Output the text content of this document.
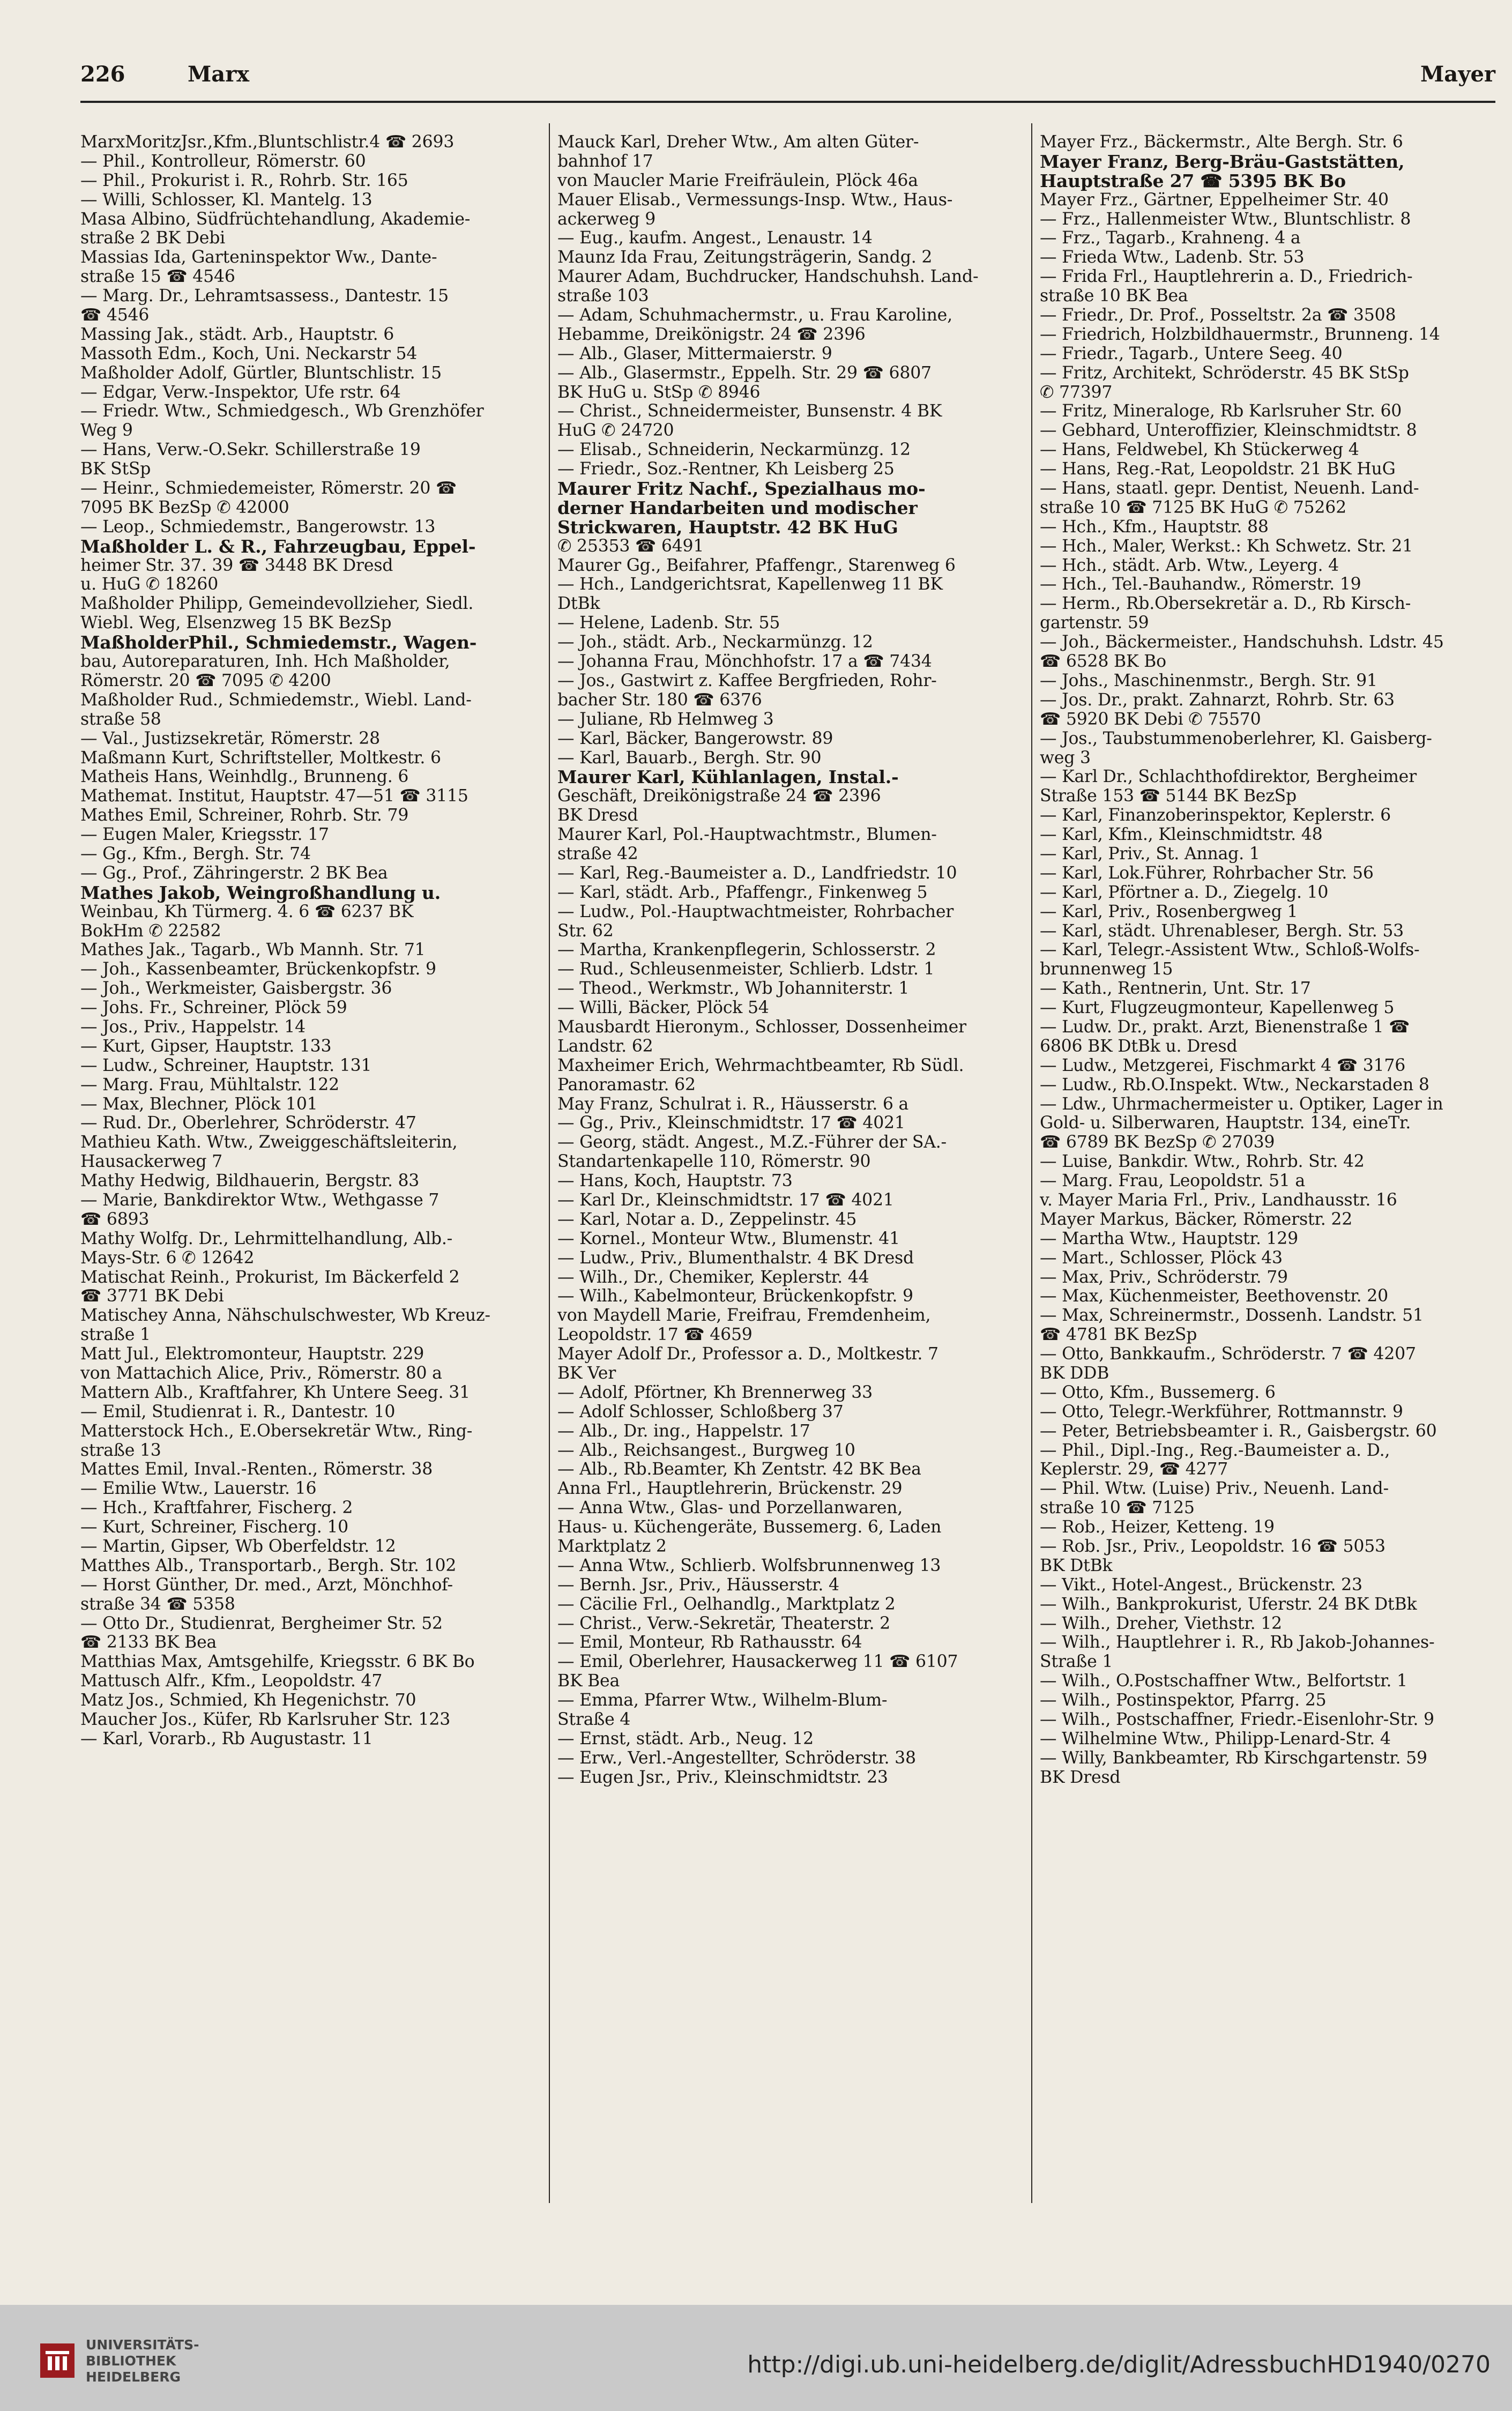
226	Marx	Mayer
MarxMoritzJsr.,Kfm.,Bluntschlistr.4 ☎ 2693
— Phil., Kontrolleur, Römerstr. 60
— Phil., Prokurist i. R., Rohrb. Str. 165
— Willi, Schlosser, Kl. Mantelg. 13
Masa Albino, Südfrüchtehandlung, Akademie-
straße 2 BK Debi
Massias Ida, Garteninspektor Ww., Dante-
straße 15 ☎ 4546
— Marg. Dr., Lehramtsassess., Dantestr. 15
☎ 4546
Massing Jak., städt. Arb., Hauptstr. 6
Massoth Edm., Koch, Uni. Neckarstr 54
Maßholder Adolf, Gürtler, Bluntschlistr. 15
— Edgar, Verw.-Inspektor, Ufe rstr. 64
— Friedr. Wtw., Schmiedgesch., Wb Grenzhöfer
Weg 9
— Hans, Verw.-O.Sekr. Schillerstraße 19
BK StSp
— Heinr., Schmiedemeister, Römerstr. 20 ☎
7095 BK BezSp ✆ 42000
— Leop., Schmiedemstr., Bangerowstr. 13
Maßholder L. & R., Fahrzeugbau, Eppel-
heimer Str. 37. 39 ☎ 3448 BK Dresd
u. HuG ✆ 18260
Maßholder Philipp, Gemeindevollzieher, Siedl.
Wiebl. Weg, Elsenzweg 15 BK BezSp
MaßholderPhil., Schmiedemstr., Wagen-
bau, Autoreparaturen, Inh. Hch Maßholder,
Römerstr. 20 ☎ 7095 ✆ 4200
Maßholder Rud., Schmiedemstr., Wiebl. Land-
straße 58
— Val., Justizsekretär, Römerstr. 28
Maßmann Kurt, Schriftsteller, Moltkestr. 6
Matheis Hans, Weinhdlg., Brunneng. 6
Mathemat. Institut, Hauptstr. 47—51 ☎ 3115
Mathes Emil, Schreiner, Rohrb. Str. 79
— Eugen Maler, Kriegsstr. 17
— Gg., Kfm., Bergh. Str. 74
— Gg., Prof., Zähringerstr. 2 BK Bea
Mathes Jakob, Weingroßhandlung u.
Weinbau, Kh Türmerg. 4. 6 ☎ 6237 BK
BokHm ✆ 22582
Mathes Jak., Tagarb., Wb Mannh. Str. 71
— Joh., Kassenbeamter, Brückenkopfstr. 9
— Joh., Werkmeister, Gaisbergstr. 36
— Johs. Fr., Schreiner, Plöck 59
— Jos., Priv., Happelstr. 14
— Kurt, Gipser, Hauptstr. 133
— Ludw., Schreiner, Hauptstr. 131
— Marg. Frau, Mühltalstr. 122
— Max, Blechner, Plöck 101
— Rud. Dr., Oberlehrer, Schröderstr. 47
Mathieu Kath. Wtw., Zweiggeschäftsleiterin,
Hausackerweg 7
Mathy Hedwig, Bildhauerin, Bergstr. 83
— Marie, Bankdirektor Wtw., Wethgasse 7
☎ 6893
Mathy Wolfg. Dr., Lehrmittelhandlung, Alb.-
Mays-Str. 6 ✆ 12642
Matischat Reinh., Prokurist, Im Bäckerfeld 2
☎ 3771 BK Debi
Matischey Anna, Nähschulschwester, Wb Kreuz-
straße 1
Matt Jul., Elektromonteur, Hauptstr. 229
von Mattachich Alice, Priv., Römerstr. 80 a
Mattern Alb., Kraftfahrer, Kh Untere Seeg. 31
— Emil, Studienrat i. R., Dantestr. 10
Matterstock Hch., E.Obersekretär Wtw., Ring-
straße 13
Mattes Emil, Inval.-Renten., Römerstr. 38
— Emilie Wtw., Lauerstr. 16
— Hch., Kraftfahrer, Fischerg. 2
— Kurt, Schreiner, Fischerg. 10
— Martin, Gipser, Wb Oberfeldstr. 12
Matthes Alb., Transportarb., Bergh. Str. 102
— Horst Günther, Dr. med., Arzt, Mönchhof-
straße 34 ☎ 5358
— Otto Dr., Studienrat, Bergheimer Str. 52
☎ 2133 BK Bea
Matthias Max, Amtsgehilfe, Kriegsstr. 6 BK Bo
Mattusch Alfr., Kfm., Leopoldstr. 47
Matz Jos., Schmied, Kh Hegenichstr. 70
Maucher Jos., Küfer, Rb Karlsruher Str. 123
— Karl, Vorarb., Rb Augustastr. 11
Mauck Karl, Dreher Wtw., Am alten Güter-
bahnhof 17
von Maucler Marie Freifräulein, Plöck 46a
Mauer Elisab., Vermessungs-Insp. Wtw., Haus-
ackerweg 9
— Eug., kaufm. Angest., Lenaustr. 14
Maunz Ida Frau, Zeitungsträgerin, Sandg. 2
Maurer Adam, Buchdrucker, Handschuhsh. Land-
straße 103
— Adam, Schuhmachermstr., u. Frau Karoline,
Hebamme, Dreikönigstr. 24 ☎ 2396
— Alb., Glaser, Mittermaierstr. 9
— Alb., Glasermstr., Eppelh. Str. 29 ☎ 6807
BK HuG u. StSp ✆ 8946
— Christ., Schneidermeister, Bunsenstr. 4 BK
HuG ✆ 24720
— Elisab., Schneiderin, Neckarmünzg. 12
— Friedr., Soz.-Rentner, Kh Leisberg 25
Maurer Fritz Nachf., Spezialhaus mo-
derner Handarbeiten und modischer
Strickwaren, Hauptstr. 42 BK HuG
✆ 25353 ☎ 6491
Maurer Gg., Beifahrer, Pfaffengr., Starenweg 6
— Hch., Landgerichtsrat, Kapellenweg 11 BK
DtBk
— Helene, Ladenb. Str. 55
— Joh., städt. Arb., Neckarmünzg. 12
— Johanna Frau, Mönchhofstr. 17 a ☎ 7434
— Jos., Gastwirt z. Kaffee Bergfrieden, Rohr-
bacher Str. 180 ☎ 6376
— Juliane, Rb Helmweg 3
— Karl, Bäcker, Bangerowstr. 89
— Karl, Bauarb., Bergh. Str. 90
Maurer Karl, Kühlanlagen, Instal.-
Geschäft, Dreikönigstraße 24 ☎ 2396
BK Dresd
Maurer Karl, Pol.-Hauptwachtmstr., Blumen-
straße 42
— Karl, Reg.-Baumeister a. D., Landfriedstr. 10
— Karl, städt. Arb., Pfaffengr., Finkenweg 5
— Ludw., Pol.-Hauptwachtmeister, Rohrbacher
Str. 62
— Martha, Krankenpflegerin, Schlosserstr. 2
— Rud., Schleusenmeister, Schlierb. Ldstr. 1
— Theod., Werkmstr., Wb Johanniterstr. 1
— Willi, Bäcker, Plöck 54
Mausbardt Hieronym., Schlosser, Dossenheimer
Landstr. 62
Maxheimer Erich, Wehrmachtbeamter, Rb Südl.
Panoramastr. 62
May Franz, Schulrat i. R., Häusserstr. 6 a
— Gg., Priv., Kleinschmidtstr. 17 ☎ 4021
— Georg, städt. Angest., M.Z.-Führer der SA.-
Standartenkapelle 110, Römerstr. 90
— Hans, Koch, Hauptstr. 73
— Karl Dr., Kleinschmidtstr. 17 ☎ 4021
— Karl, Notar a. D., Zeppelinstr. 45
— Kornel., Monteur Wtw., Blumenstr. 41
— Ludw., Priv., Blumenthalstr. 4 BK Dresd
— Wilh., Dr., Chemiker, Keplerstr. 44
— Wilh., Kabelmonteur, Brückenkopfstr. 9
von Maydell Marie, Freifrau, Fremdenheim,
Leopoldstr. 17 ☎ 4659
Mayer Adolf Dr., Professor a. D., Moltkestr. 7
BK Ver
— Adolf, Pförtner, Kh Brennerweg 33
— Adolf Schlosser, Schloßberg 37
— Alb., Dr. ing., Happelstr. 17
— Alb., Reichsangest., Burgweg 10
— Alb., Rb.Beamter, Kh Zentstr. 42 BK Bea
Anna Frl., Hauptlehrerin, Brückenstr. 29
— Anna Wtw., Glas- und Porzellanwaren,
Haus- u. Küchengeräte, Bussemerg. 6, Laden
Marktplatz 2
— Anna Wtw., Schlierb. Wolfsbrunnenweg 13
— Bernh. Jsr., Priv., Häusserstr. 4
— Cäcilie Frl., Oelhandlg., Marktplatz 2
— Christ., Verw.-Sekretär, Theaterstr. 2
— Emil, Monteur, Rb Rathausstr. 64
— Emil, Oberlehrer, Hausackerweg 11 ☎ 6107
BK Bea
— Emma, Pfarrer Wtw., Wilhelm-Blum-
Straße 4
— Ernst, städt. Arb., Neug. 12
— Erw., Verl.-Angestellter, Schröderstr. 38
— Eugen Jsr., Priv., Kleinschmidtstr. 23
Mayer Frz., Bäckermstr., Alte Bergh. Str. 6
Mayer Franz, Berg-Bräu-Gaststätten,
Hauptstraße 27 ☎ 5395 BK Bo
Mayer Frz., Gärtner, Eppelheimer Str. 40
— Frz., Hallenmeister Wtw., Bluntschlistr. 8
— Frz., Tagarb., Krahneng. 4 a
— Frieda Wtw., Ladenb. Str. 53
— Frida Frl., Hauptlehrerin a. D., Friedrich-
straße 10 BK Bea
— Friedr., Dr. Prof., Posseltstr. 2a ☎ 3508
— Friedrich, Holzbildhauermstr., Brunneng. 14
— Friedr., Tagarb., Untere Seeg. 40
— Fritz, Architekt, Schröderstr. 45 BK StSp
✆ 77397
— Fritz, Mineraloge, Rb Karlsruher Str. 60
— Gebhard, Unteroffizier, Kleinschmidtstr. 8
— Hans, Feldwebel, Kh Stückerweg 4
— Hans, Reg.-Rat, Leopoldstr. 21 BK HuG
— Hans, staatl. gepr. Dentist, Neuenh. Land-
straße 10 ☎ 7125 BK HuG ✆ 75262
— Hch., Kfm., Hauptstr. 88
— Hch., Maler, Werkst.: Kh Schwetz. Str. 21
— Hch., städt. Arb. Wtw., Leyerg. 4
— Hch., Tel.-Bauhandw., Römerstr. 19
— Herm., Rb.Obersekretär a. D., Rb Kirsch-
gartenstr. 59
— Joh., Bäckermeister., Handschuhsh. Ldstr. 45
☎ 6528 BK Bo
— Johs., Maschinenmstr., Bergh. Str. 91
— Jos. Dr., prakt. Zahnarzt, Rohrb. Str. 63
☎ 5920 BK Debi ✆ 75570
— Jos., Taubstummenoberlehrer, Kl. Gaisberg-
weg 3
— Karl Dr., Schlachthofdirektor, Bergheimer
Straße 153 ☎ 5144 BK BezSp
— Karl, Finanzoberinspektor, Keplerstr. 6
— Karl, Kfm., Kleinschmidtstr. 48
— Karl, Priv., St. Annag. 1
— Karl, Lok.Führer, Rohrbacher Str. 56
— Karl, Pförtner a. D., Ziegelg. 10
— Karl, Priv., Rosenbergweg 1
— Karl, städt. Uhrenableser, Bergh. Str. 53
— Karl, Telegr.-Assistent Wtw., Schloß-Wolfs-
brunnenweg 15
— Kath., Rentnerin, Unt. Str. 17
— Kurt, Flugzeugmonteur, Kapellenweg 5
— Ludw. Dr., prakt. Arzt, Bienenstraße 1 ☎
6806 BK DtBk u. Dresd
— Ludw., Metzgerei, Fischmarkt 4 ☎ 3176
— Ludw., Rb.O.Inspekt. Wtw., Neckarstaden 8
— Ldw., Uhrmachermeister u. Optiker, Lager in
Gold- u. Silberwaren, Hauptstr. 134, eineTr.
☎ 6789 BK BezSp ✆ 27039
— Luise, Bankdir. Wtw., Rohrb. Str. 42
— Marg. Frau, Leopoldstr. 51 a
v. Mayer Maria Frl., Priv., Landhausstr. 16
Mayer Markus, Bäcker, Römerstr. 22
— Martha Wtw., Hauptstr. 129
— Mart., Schlosser, Plöck 43
— Max, Priv., Schröderstr. 79
— Max, Küchenmeister, Beethovenstr. 20
— Max, Schreinermstr., Dossenh. Landstr. 51
☎ 4781 BK BezSp
— Otto, Bankkaufm., Schröderstr. 7 ☎ 4207
BK DDB
— Otto, Kfm., Bussemerg. 6
— Otto, Telegr.-Werkführer, Rottmannstr. 9
— Peter, Betriebsbeamter i. R., Gaisbergstr. 60
— Phil., Dipl.-Ing., Reg.-Baumeister a. D.,
Keplerstr. 29, ☎ 4277
— Phil. Wtw. (Luise) Priv., Neuenh. Land-
straße 10 ☎ 7125
— Rob., Heizer, Ketteng. 19
— Rob. Jsr., Priv., Leopoldstr. 16 ☎ 5053
BK DtBk
— Vikt., Hotel-Angest., Brückenstr. 23
— Wilh., Bankprokurist, Uferstr. 24 BK DtBk
— Wilh., Dreher, Viethstr. 12
— Wilh., Hauptlehrer i. R., Rb Jakob-Johannes-
Straße 1
— Wilh., O.Postschaffner Wtw., Belfortstr. 1
— Wilh., Postinspektor, Pfarrg. 25
— Wilh., Postschaffner, Friedr.-Eisenlohr-Str. 9
— Wilhelmine Wtw., Philipp-Lenard-Str. 4
— Willy, Bankbeamter, Rb Kirschgartenstr. 59
BK Dresd
UNIVERSITÄTS-
BIBLIOTHEK
HEIDELBERG	http://digi.ub.uni-heidelberg.de/diglit/AdressbuchHD1940/0270
